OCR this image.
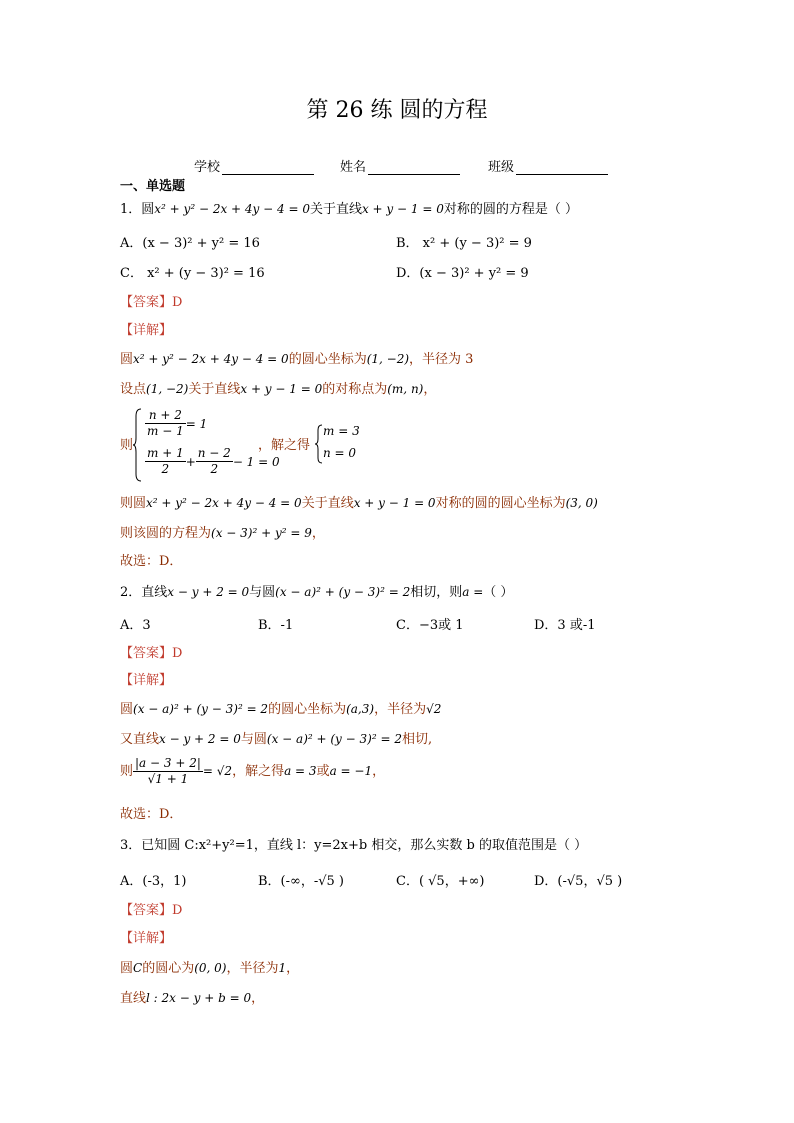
第 26 练 圆的方程
学校	姓名	班级
一、单选题
1．圆x² + y² − 2x + 4y − 4 = 0关于直线x + y − 1 = 0对称的圆的方程是（ ）
A．(x − 3)² + y² = 16	B． x² + (y − 3)² = 9
C． x² + (y − 3)² = 16	D．(x − 3)² + y² = 9
【答案】D
【详解】
圆x² + y² − 2x + 4y − 4 = 0的圆心坐标为(1, −2)，半径为 3
设点(1, −2)关于直线x + y − 1 = 0的对称点为(m, n)，
则
$\frac{n + 2}{m - 1} = 1$
$\frac{m + 1}{2} + \frac{n - 2}{2} - 1 = 0$
，解之得
m = 3
n = 0
则圆x² + y² − 2x + 4y − 4 = 0关于直线x + y − 1 = 0对称的圆的圆心坐标为(3, 0)
则该圆的方程为(x − 3)² + y² = 9，
故选：D．
2．直线x − y + 2 = 0与圆(x − a)² + (y − 3)² = 2相切，则a =（ ）
A．3	B．-1	C．−3或 1	D．3 或-1
【答案】D
【详解】
圆(x − a)² + (y − 3)² = 2的圆心坐标为(a,3)，半径为√2
又直线x − y + 2 = 0与圆(x − a)² + (y − 3)² = 2相切,
则 $\frac{|a - 3 + 2|}{√1 + 1} = √2$，解之得a = 3或a = −1，
故选：D．
3．已知圆 C:x²+y²=1，直线 l：y=2x+b 相交，那么实数 b 的取值范围是（ ）
A．(-3，1)	B．(-∞，-√5 )	C．( √5，+∞)	D．(-√5，√5 )
【答案】D
【详解】
圆C的圆心为(0, 0)，半径为1，
直线l : 2x − y + b = 0，
